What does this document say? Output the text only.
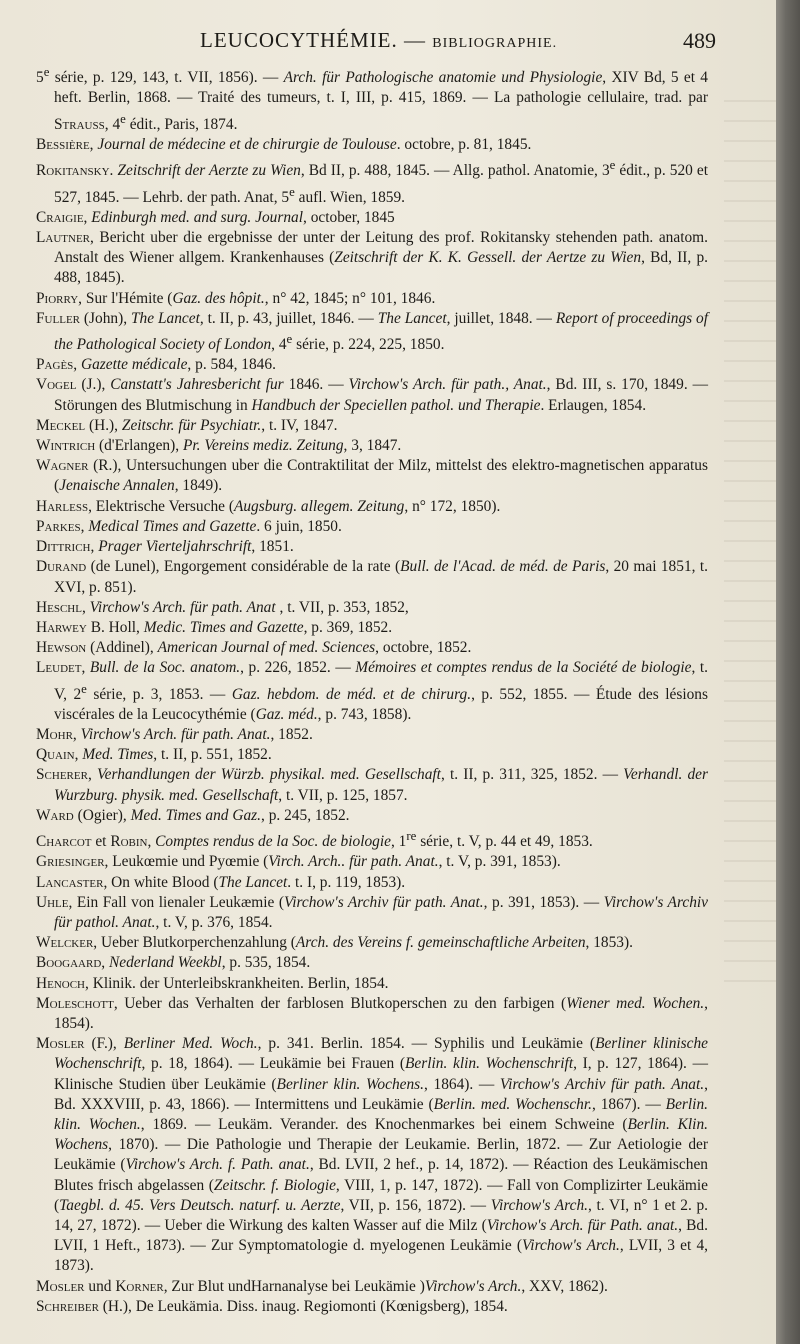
LEUCOCYTHÉMIE. — BIBLIOGRAPHIE.	489

5e série, p. 129, 143, t. VII, 1856). — Arch. für Pathologische anatomie und Physiologie, XIV Bd, 5 et 4 heft. Berlin, 1868. — Traité des tumeurs, t. I, III, p. 415, 1869. — La pathologie cellulaire, trad. par Strauss, 4e édit., Paris, 1874.

Bessière, Journal de médecine et de chirurgie de Toulouse. octobre, p. 81, 1845.

Rokitansky. Zeitschrift der Aerzte zu Wien, Bd II, p. 488, 1845. — Allg. pathol. Anatomie, 3e édit., p. 520 et 527, 1845. — Lehrb. der path. Anat, 5e aufl. Wien, 1859.

Craigie, Edinburgh med. and surg. Journal, october, 1845

Lautner, Bericht uber die ergebnisse der unter der Leitung des prof. Rokitansky stehenden path. anatom. Anstalt des Wiener allgem. Krankenhauses (Zeitschrift der K. K. Gessell. der Aertze zu Wien, Bd, II, p. 488, 1845).

Piorry, Sur l'Hémite (Gaz. des hôpit., n° 42, 1845; n° 101, 1846.

Fuller (John), The Lancet, t. II, p. 43, juillet, 1846. — The Lancet, juillet, 1848. — Report of proceedings of the Pathological Society of London, 4e série, p. 224, 225, 1850.

Pagès, Gazette médicale, p. 584, 1846.

Vogel (J.), Canstatt's Jahresbericht fur 1846. — Virchow's Arch. für path., Anat., Bd. III, s. 170, 1849. — Störungen des Blutmischung in Handbuch der Speciellen pathol. und Therapie. Erlaugen, 1854.

Meckel (H.), Zeitschr. für Psychiatr., t. IV, 1847.

Wintrich (d'Erlangen), Pr. Vereins mediz. Zeitung, 3, 1847.

Wagner (R.), Untersuchungen uber die Contraktilitat der Milz, mittelst des elektro-magnetischen apparatus (Jenaische Annalen, 1849).

Harless, Elektrische Versuche (Augsburg. allegem. Zeitung, n° 172, 1850).

Parkes, Medical Times and Gazette. 6 juin, 1850.

Dittrich, Prager Vierteljahrschrift, 1851.

Durand (de Lunel), Engorgement considérable de la rate (Bull. de l'Acad. de méd. de Paris, 20 mai 1851, t. XVI, p. 851).

Heschl, Virchow's Arch. für path. Anat , t. VII, p. 353, 1852,

Harwey B. Holl, Medic. Times and Gazette, p. 369, 1852.

Hewson (Addinel), American Journal of med. Sciences, octobre, 1852.

Leudet, Bull. de la Soc. anatom., p. 226, 1852. — Mémoires et comptes rendus de la Société de biologie, t. V, 2e série, p. 3, 1853. — Gaz. hebdom. de méd. et de chirurg., p. 552, 1855. — Étude des lésions viscérales de la Leucocythémie (Gaz. méd., p. 743, 1858).

Mohr, Virchow's Arch. für path. Anat., 1852.

Quain, Med. Times, t. II, p. 551, 1852.

Scherer, Verhandlungen der Würzb. physikal. med. Gesellschaft, t. II, p. 311, 325, 1852. — Verhandl. der Wurzburg. physik. med. Gesellschaft, t. VII, p. 125, 1857.

Ward (Ogier), Med. Times and Gaz., p. 245, 1852.

Charcot et Robin, Comptes rendus de la Soc. de biologie, 1re série, t. V, p. 44 et 49, 1853.

Griesinger, Leukœmie und Pyœmie (Virch. Arch.. für path. Anat., t. V, p. 391, 1853).

Lancaster, On white Blood (The Lancet. t. I, p. 119, 1853).

Uhle, Ein Fall von lienaler Leukæmie (Virchow's Archiv für path. Anat., p. 391, 1853). — Virchow's Archiv für pathol. Anat., t. V, p. 376, 1854.

Welcker, Ueber Blutkorperchenzahlung (Arch. des Vereins f. gemeinschaftliche Arbeiten, 1853).

Boogaard, Nederland Weekbl, p. 535, 1854.

Henoch, Klinik. der Unterleibskrankheiten. Berlin, 1854.

Moleschott, Ueber das Verhalten der farblosen Blutkoperschen zu den farbigen (Wiener med. Wochen., 1854).

Mosler (F.), Berliner Med. Woch., p. 341. Berlin. 1854. — Syphilis und Leukämie (Berliner klinische Wochenschrift, p. 18, 1864). — Leukämie bei Frauen (Berlin. klin. Wochenschrift, I, p. 127, 1864). — Klinische Studien über Leukämie (Berliner klin. Wochens., 1864). — Virchow's Archiv für path. Anat., Bd. XXXVIII, p. 43, 1866). — Intermittens und Leukämie (Berlin. med. Wochenschr., 1867). — Berlin. klin. Wochen., 1869. — Leukäm. Verander. des Knochenmarkes bei einem Schweine (Berlin. Klin. Wochens, 1870). — Die Pathologie und Therapie der Leukamie. Berlin, 1872. — Zur Aetiologie der Leukämie (Virchow's Arch. f. Path. anat., Bd. LVII, 2 hef., p. 14, 1872). — Réaction des Leukämischen Blutes frisch abgelassen (Zeitschr. f. Biologie, VIII, 1, p. 147, 1872). — Fall von Complizirter Leukämie (Taegbl. d. 45. Vers Deutsch. naturf. u. Aerzte, VII, p. 156, 1872). — Virchow's Arch., t. VI, n° 1 et 2. p. 14, 27, 1872). — Ueber die Wirkung des kalten Wasser auf die Milz (Virchow's Arch. für Path. anat., Bd. LVII, 1 Heft., 1873). — Zur Symptomatologie d. myelogenen Leukämie (Virchow's Arch., LVII, 3 et 4, 1873).

Mosler und Korner, Zur Blut undHarnanalyse bei Leukämie )Virchow's Arch., XXV, 1862).

Schreiber (H.), De Leukämia. Diss. inaug. Regiomonti (Kœnigsberg), 1854.
